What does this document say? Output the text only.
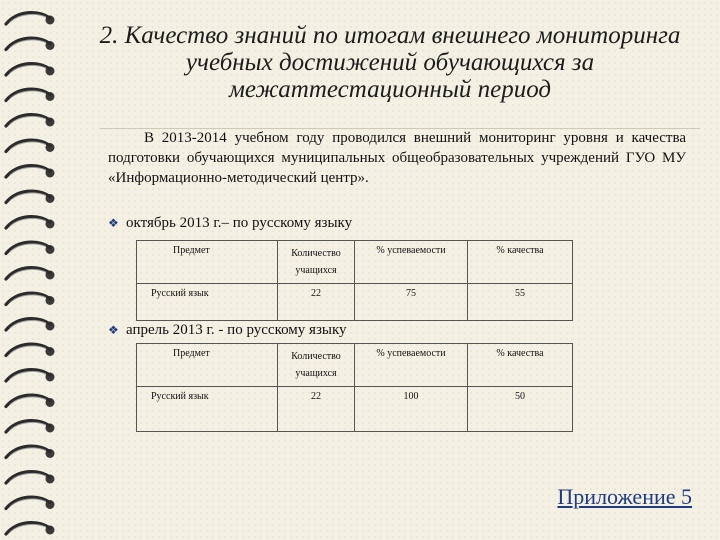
2. Качество знаний по итогам внешнего мониторинга учебных достижений обучающихся за межаттестационный период
В 2013-2014 учебном году проводился внешний мониторинг уровня и качества подготовки обучающихся муниципальных общеобразовательных учреждений ГУО МУ «Информационно-методический центр».
❖ октябрь 2013 г.– по русскому языку
Предмет	Количество учащихся	% успеваемости	% качества
Русский язык	22	75	55
❖ апрель 2013 г. - по русскому языку
Предмет	Количество учащихся	% успеваемости	% качества
Русский язык	22	100	50
Приложение 5
